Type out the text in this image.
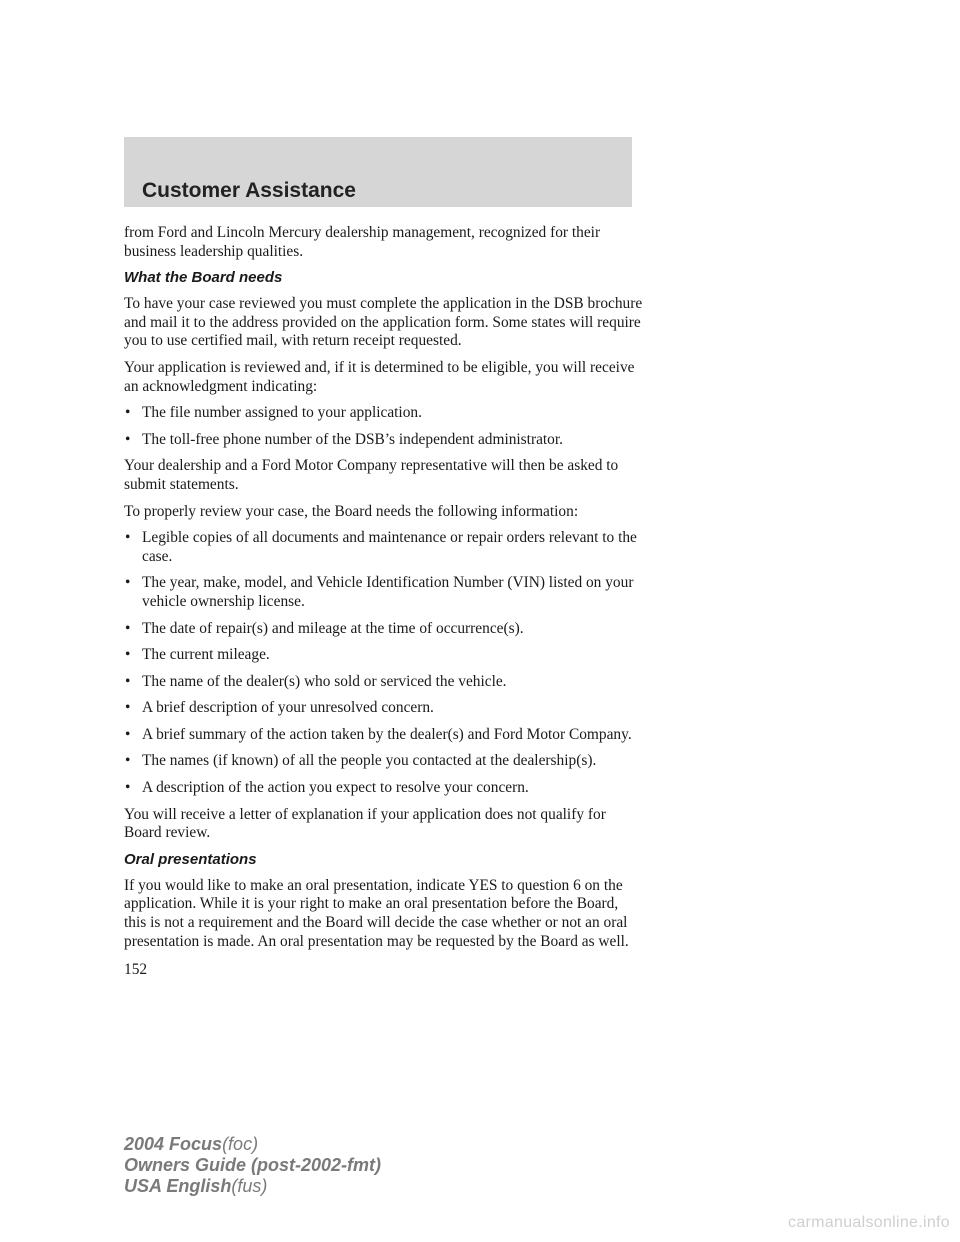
Customer Assistance

from Ford and Lincoln Mercury dealership management, recognized for their business leadership qualities.

What the Board needs

To have your case reviewed you must complete the application in the DSB brochure and mail it to the address provided on the application form. Some states will require you to use certified mail, with return receipt requested.

Your application is reviewed and, if it is determined to be eligible, you will receive an acknowledgment indicating:

• The file number assigned to your application.
• The toll-free phone number of the DSB’s independent administrator.

Your dealership and a Ford Motor Company representative will then be asked to submit statements.

To properly review your case, the Board needs the following information:

• Legible copies of all documents and maintenance or repair orders relevant to the case.
• The year, make, model, and Vehicle Identification Number (VIN) listed on your vehicle ownership license.
• The date of repair(s) and mileage at the time of occurrence(s).
• The current mileage.
• The name of the dealer(s) who sold or serviced the vehicle.
• A brief description of your unresolved concern.
• A brief summary of the action taken by the dealer(s) and Ford Motor Company.
• The names (if known) of all the people you contacted at the dealership(s).
• A description of the action you expect to resolve your concern.

You will receive a letter of explanation if your application does not qualify for Board review.

Oral presentations

If you would like to make an oral presentation, indicate YES to question 6 on the application. While it is your right to make an oral presentation before the Board, this is not a requirement and the Board will decide the case whether or not an oral presentation is made. An oral presentation may be requested by the Board as well.

152
2004 Focus(foc)
Owners Guide (post-2002-fmt)
USA English(fus)
carmanualsonline.info
